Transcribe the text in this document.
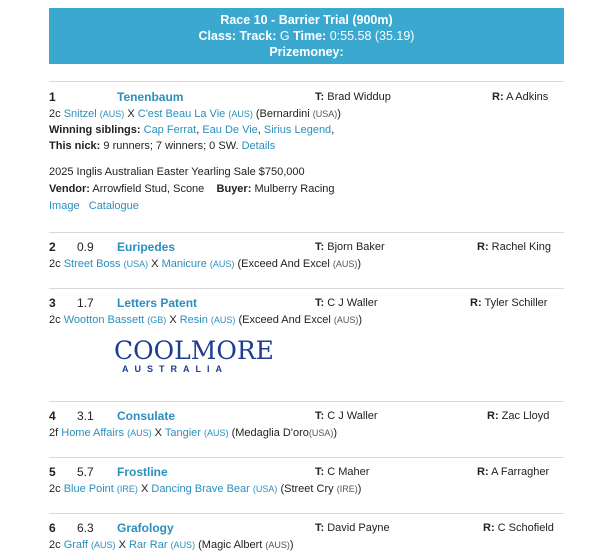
Race 10 - Barrier Trial (900m)
Class: Track: G Time: 0:55.58 (35.19)
Prizemoney:
1	Tenenbaum	T: Brad Widdup	R: A Adkins
2c Snitzel (AUS) X C'est Beau La Vie (AUS) (Bernardini (USA))
Winning siblings: Cap Ferrat, Eau De Vie, Sirius Legend,
This nick: 9 runners; 7 winners; 0 SW. Details
2025 Inglis Australian Easter Yearling Sale $750,000
Vendor: Arrowfield Stud, Scone Buyer: Mulberry Racing
Image Catalogue
2 0.9 Euripedes	T: Bjorn Baker	R: Rachel King
2c Street Boss (USA) X Manicure (AUS) (Exceed And Excel (AUS))
3 1.7 Letters Patent	T: C J Waller	R: Tyler Schiller
2c Wootton Bassett (GB) X Resin (AUS) (Exceed And Excel (AUS))
COOLMORE
AUSTRALIA
4 3.1 Consulate	T: C J Waller	R: Zac Lloyd
2f Home Affairs (AUS) X Tangier (AUS) (Medaglia D'oro(USA))
5 5.7 Frostline	T: C Maher	R: A Farragher
2c Blue Point (IRE) X Dancing Brave Bear (USA) (Street Cry (IRE))
6 6.3 Grafology	T: David Payne	R: C Schofield
2c Graff (AUS) X Rar Rar (AUS) (Magic Albert (AUS))
